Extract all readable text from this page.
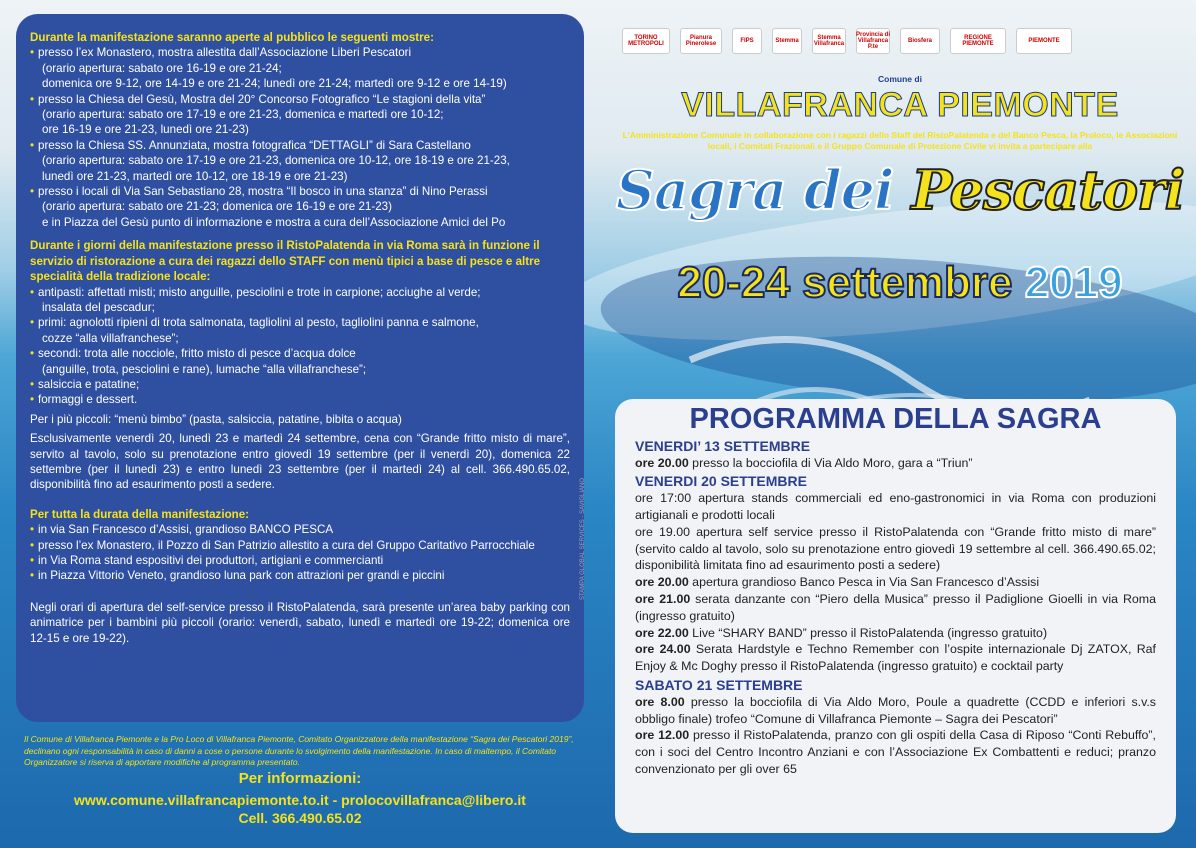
Durante la manifestazione saranno aperte al pubblico le seguenti mostre:

• presso l’ex Monastero, mostra allestita dall’Associazione Liberi Pescatori
(orario apertura: sabato ore 16-19 e ore 21-24;
domenica ore 9-12, ore 14-19 e ore 21-24; lunedì ore 21-24; martedì ore 9-12 e ore 14-19)
• presso la Chiesa del Gesù, Mostra del 20° Concorso Fotografico “Le stagioni della vita”
(orario apertura: sabato ore 17-19 e ore 21-23, domenica e martedì ore 10-12;
ore 16-19 e ore 21-23, lunedì ore 21-23)
• presso la Chiesa SS. Annunziata, mostra fotografica “DETTAGLI” di Sara Castellano
(orario apertura: sabato ore 17-19 e ore 21-23, domenica ore 10-12, ore 18-19 e ore 21-23,
lunedì ore 21-23, martedì ore 10-12, ore 18-19 e ore 21-23)
• presso i locali di Via San Sebastiano 28, mostra “Il bosco in una stanza” di Nino Perassi
(orario apertura: sabato ore 21-23; domenica ore 16-19 e ore 21-23)
e in Piazza del Gesù punto di informazione e mostra a cura dell’Associazione Amici del Po

Durante i giorni della manifestazione presso il RistoPalatenda in via Roma sarà in funzione il servizio di ristorazione a cura dei ragazzi dello STAFF con menù tipici a base di pesce e altre specialità della tradizione locale:

• antipasti: affettati misti; misto anguille, pesciolini e trote in carpione; acciughe al verde;
insalata del pescadur;
• primi: agnolotti ripieni di trota salmonata, tagliolini al pesto, tagliolini panna e salmone,
cozze “alla villafranchese”;
• secondi: trota alle nocciole, fritto misto di pesce d’acqua dolce
(anguille, trota, pesciolini e rane), lumache “alla villafranchese”;
• salsiccia e patatine;
• formaggi e dessert.

Per i più piccoli: “menù bimbo” (pasta, salsiccia, patatine, bibita o acqua)

Esclusivamente venerdì 20, lunedì 23 e martedì 24 settembre, cena con “Grande fritto misto di mare”, servito al tavolo, solo su prenotazione entro giovedì 19 settembre (per il venerdì 20), domenica 22 settembre (per il lunedì 23) e entro lunedì 23 settembre (per il martedì 24) al cell. 366.490.65.02, disponibilità fino ad esaurimento posti a sedere.

Per tutta la durata della manifestazione:

• in via San Francesco d’Assisi, grandioso BANCO PESCA
• presso l’ex Monastero, il Pozzo di San Patrizio allestito a cura del Gruppo Caritativo Parrocchiale
• in Via Roma stand espositivi dei produttori, artigiani e commercianti
• in Piazza Vittorio Veneto, grandioso luna park con attrazioni per grandi e piccini

Negli orari di apertura del self-service presso il RistoPalatenda, sarà presente un’area baby parking con animatrice per i bambini più piccoli (orario: venerdì, sabato, lunedì e martedì ore 19-22; domenica ore 12-15 e ore 19-22).

STAMPA GLOBAL SERVICES - SAVIGLIANO
Il Comune di Villafranca Piemonte e la Pro Loco di Villafranca Piemonte, Comitato Organizzatore della manifestazione “Sagra dei Pescatori 2019”, declinano ogni responsabilità in caso di danni a cose o persone durante lo svolgimento della manifestazione. In caso di maltempo, il Comitato Organizzatore si riserva di apportare modifiche al programma presentato.
Per informazioni:
www.comune.villafrancapiemonte.to.it - prolocovillafranca@libero.it
Cell. 366.490.65.02
TORINO METROPOLI
Pianura Pinerolese	FIPS	Stemma	Stemma Villafranca
Provincia di Villafranca P.te
Biosfera	REGIONE PIEMONTE	PIEMONTE
Comune di
VILLAFRANCA PIEMONTE
L’Amministrazione Comunale in collaborazione con i ragazzi dello Staff del RistoPalatenda e del Banco Pesca, la Proloco, le Associazioni locali, i Comitati Frazionali e il Gruppo Comunale di Protezione Civile vi invita a partecipare alla
Sagra dei Pescatori
20-24 settembre 2019
PROGRAMMA DELLA SAGRA
VENERDI’ 13 SETTEMBRE

ore 20.00 presso la bocciofila di Via Aldo Moro, gara a “Triun”

VENERDI 20 SETTEMBRE

ore 17:00 apertura stands commerciali ed eno-gastronomici in via Roma con produzioni artigianali e prodotti locali

ore 19.00 apertura self service presso il RistoPalatenda con “Grande fritto misto di mare” (servito caldo al tavolo, solo su prenotazione entro giovedì 19 settembre al cell. 366.490.65.02; disponibilità limitata fino ad esaurimento posti a sedere)

ore 20.00 apertura grandioso Banco Pesca in Via San Francesco d’Assisi

ore 21.00 serata danzante con “Piero della Musica” presso il Padiglione Gioelli in via Roma (ingresso gratuito)

ore 22.00 Live “SHARY BAND” presso il RistoPalatenda (ingresso gratuito)

ore 24.00 Serata Hardstyle e Techno Remember con l’ospite internazionale Dj ZATOX, Raf Enjoy & Mc Doghy presso il RistoPalatenda (ingresso gratuito) e cocktail party

SABATO 21 SETTEMBRE

ore 8.00 presso la bocciofila di Via Aldo Moro, Poule a quadrette (CCDD e inferiori s.v.s obbligo finale) trofeo “Comune di Villafranca Piemonte – Sagra dei Pescatori”

ore 12.00 presso il RistoPalatenda, pranzo con gli ospiti della Casa di Riposo “Conti Rebuffo”, con i soci del Centro Incontro Anziani e con l’Associazione Ex Combattenti e reduci; pranzo convenzionato per gli over 65
